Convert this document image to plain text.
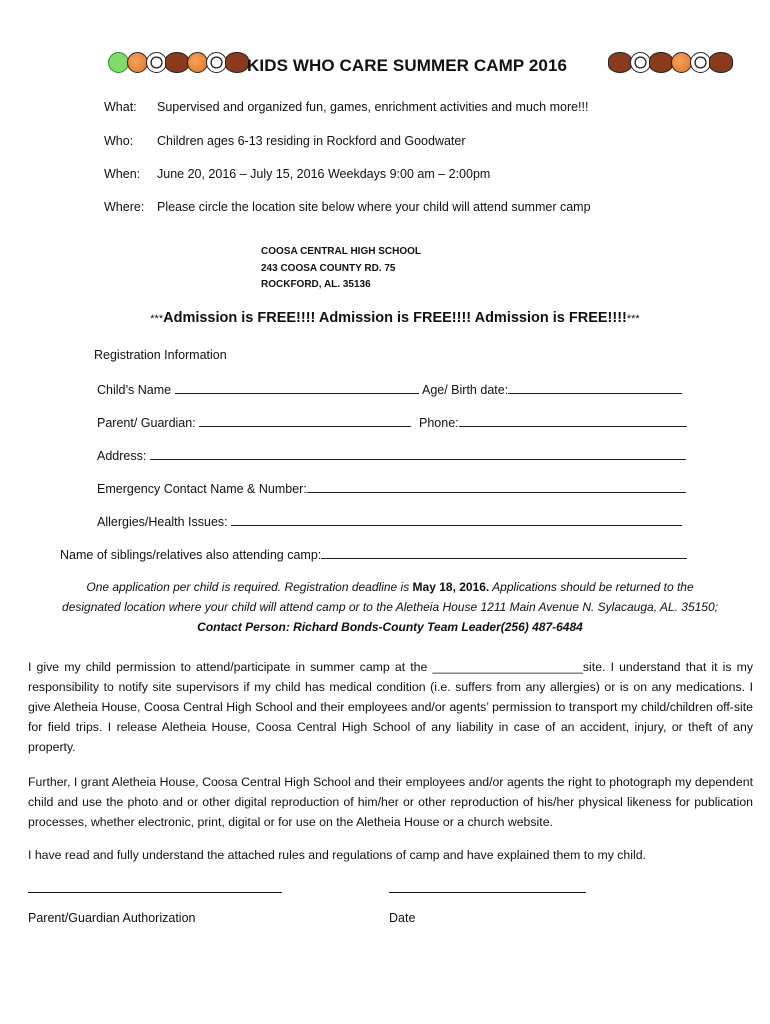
KIDS WHO CARE SUMMER CAMP 2016
What: Supervised and organized fun, games, enrichment activities and much more!!!
Who: Children ages 6-13 residing in Rockford and Goodwater
When: June 20, 2016 – July 15, 2016 Weekdays 9:00 am – 2:00pm
Where: Please circle the location site below where your child will attend summer camp
COOSA CENTRAL HIGH SCHOOL
243 COOSA COUNTY RD. 75
ROCKFORD, AL. 35136
***Admission is FREE!!!! Admission is FREE!!!! Admission is FREE!!!!***
Registration Information
Child’s Name	Age/ Birth date:
Parent/ Guardian:	Phone:
Address:
Emergency Contact Name & Number:
Allergies/Health Issues:
Name of siblings/relatives also attending camp:
One application per child is required. Registration deadline is May 18, 2016. Applications should be returned to the designated location where your child will attend camp or to the Aletheia House 1211 Main Avenue N. Sylacauga, AL. 35150; Contact Person: Richard Bonds-County Team Leader(256) 487-6484
I give my child permission to attend/participate in summer camp at the ______________________site. I understand that it is my responsibility to notify site supervisors if my child has medical condition (i.e. suffers from any allergies) or is on any medications. I give Aletheia House, Coosa Central High School and their employees and/or agents’ permission to transport my child/children off-site for field trips. I release Aletheia House, Coosa Central High School of any liability in case of an accident, injury, or theft of any property.
Further, I grant Aletheia House, Coosa Central High School and their employees and/or agents the right to photograph my dependent child and use the photo and or other digital reproduction of him/her or other reproduction of his/her physical likeness for publication processes, whether electronic, print, digital or for use on the Aletheia House or a church website.
I have read and fully understand the attached rules and regulations of camp and have explained them to my child.
Parent/Guardian Authorization	Date
